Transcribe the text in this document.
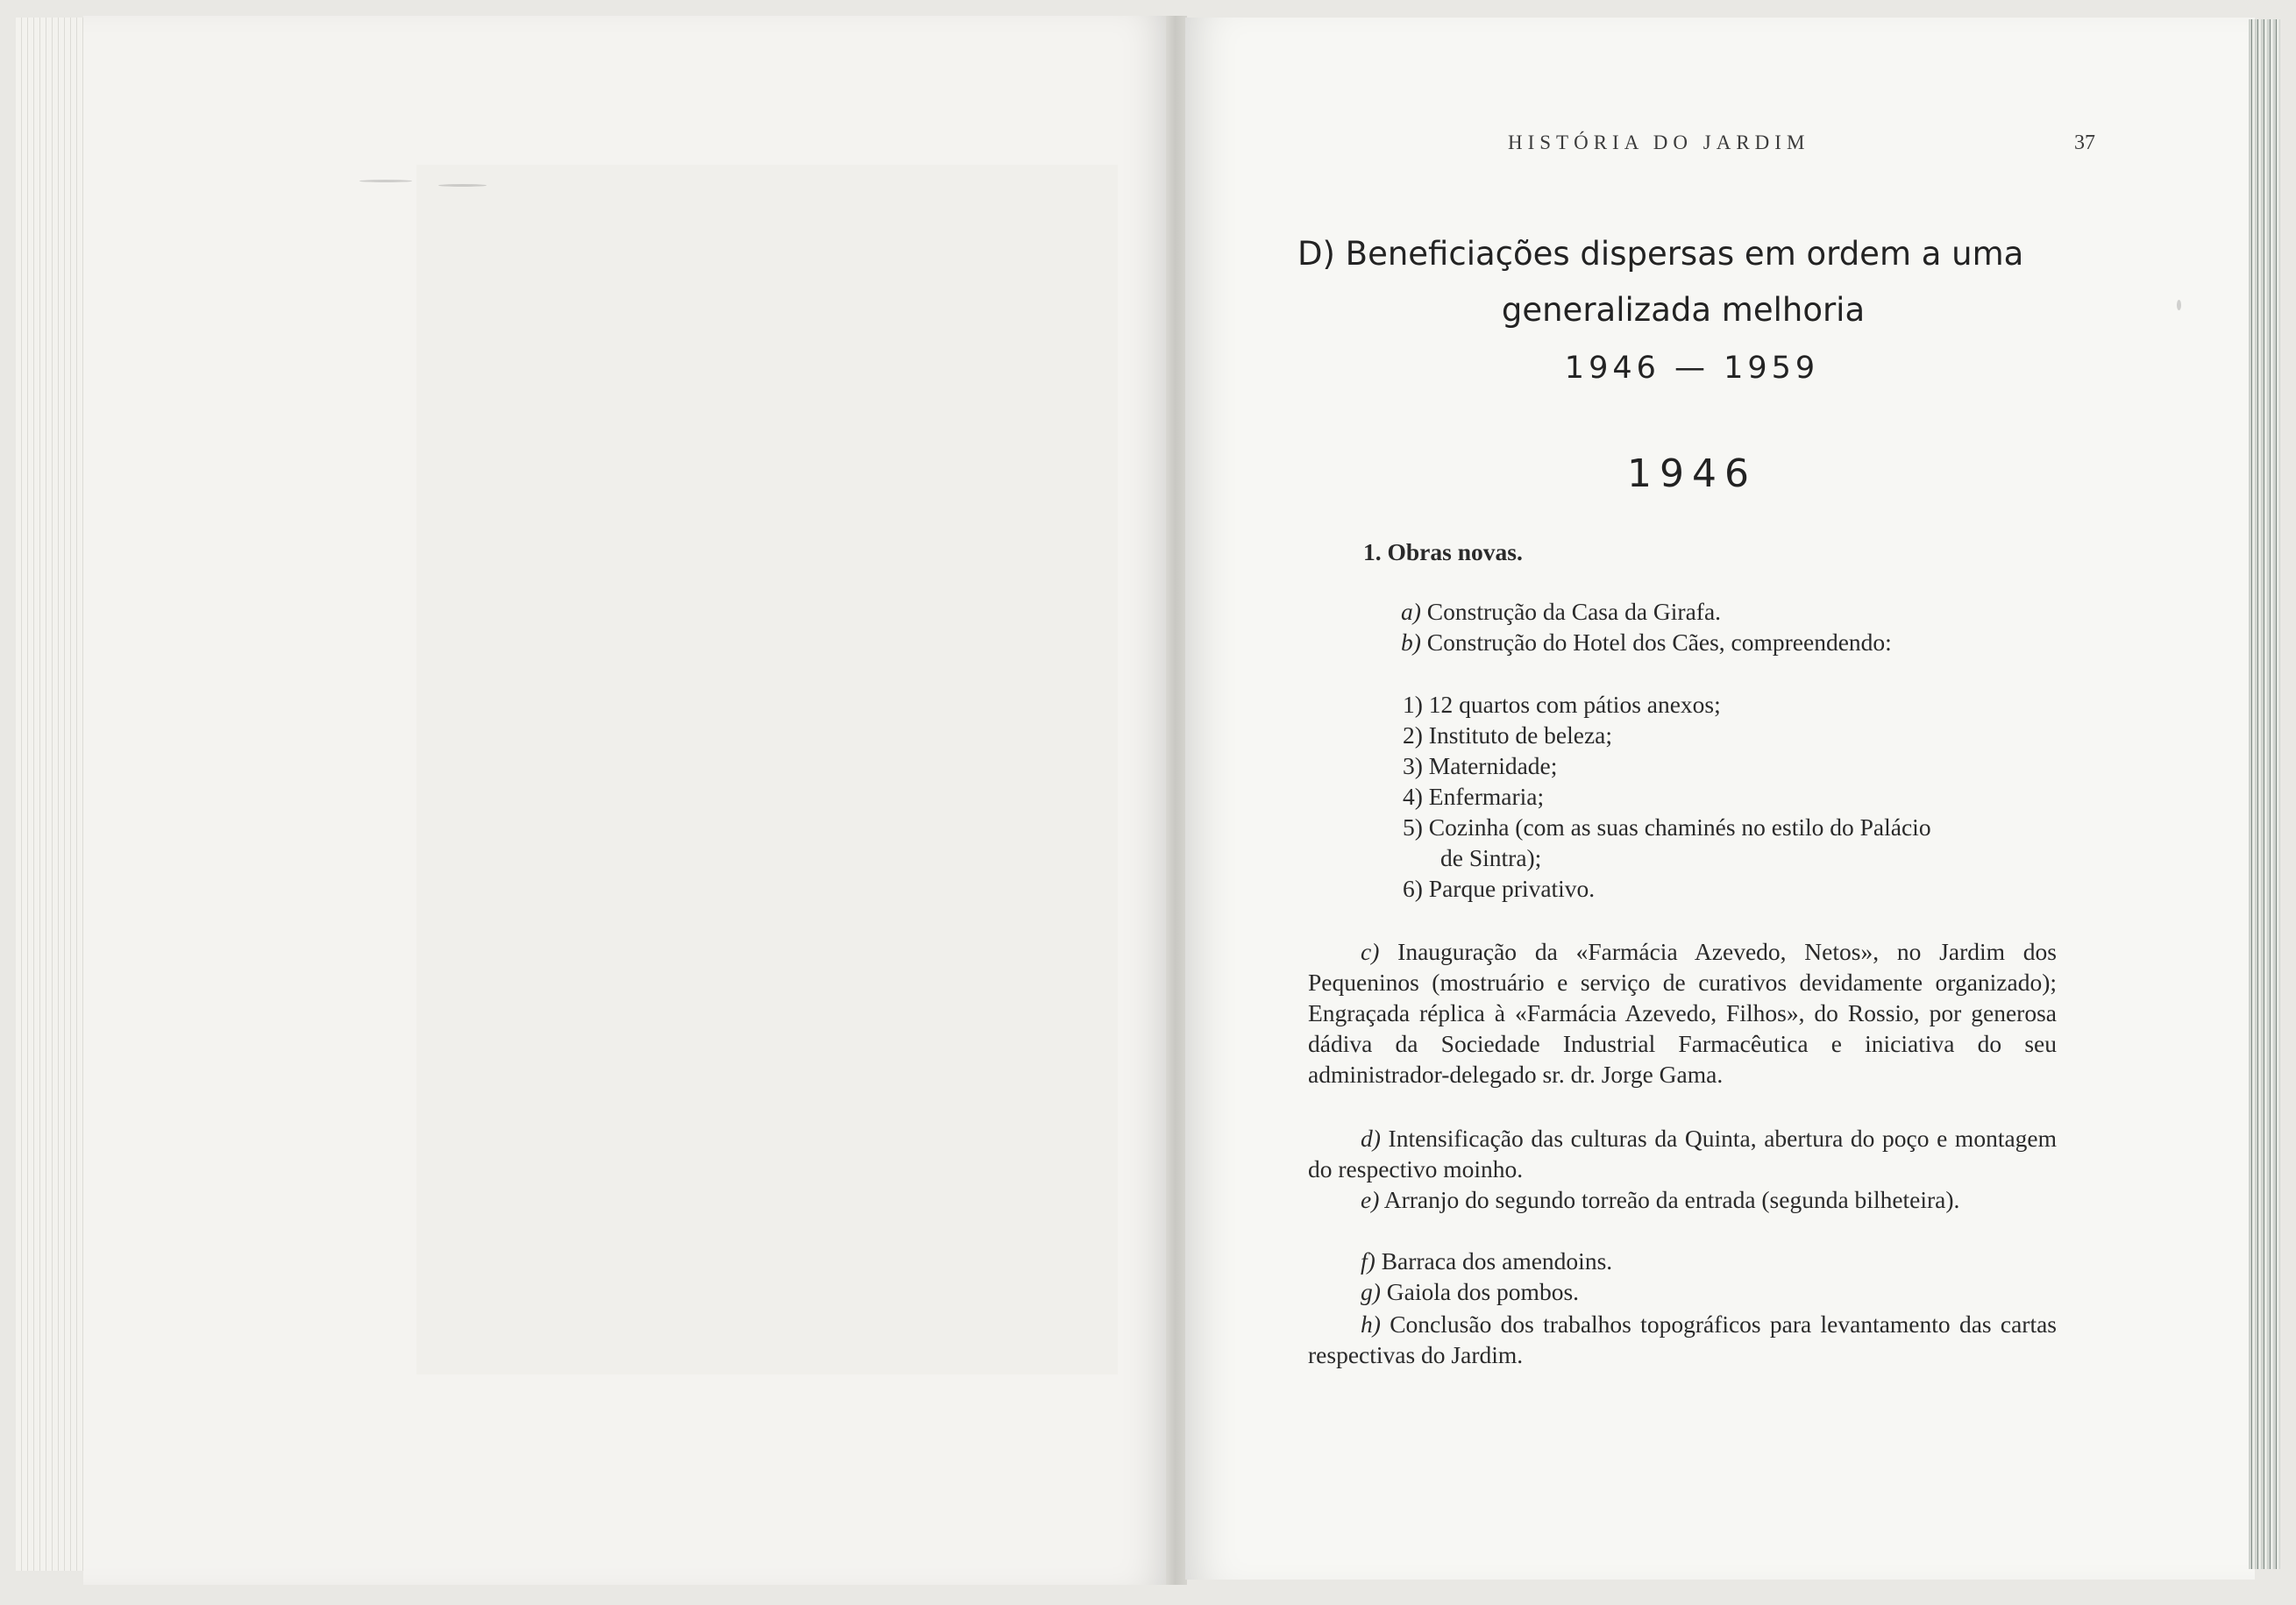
HISTÓRIA DO JARDIM	37
D) Beneficiações dispersas em ordem a uma
generalizada melhoria
1946 — 1959
1946
1. Obras novas.
a) Construção da Casa da Girafa.
b) Construção do Hotel dos Cães, compreendendo:
1) 12 quartos com pátios anexos;
2) Instituto de beleza;
3) Maternidade;
4) Enfermaria;
5) Cozinha (com as suas chaminés no estilo do Palácio
de Sintra);
6) Parque privativo.
c) Inauguração da «Farmácia Azevedo, Netos», no Jardim dos Pequeninos (mostruário e serviço de curativos devidamente organizado); Engraçada réplica à «Farmácia Azevedo, Filhos», do Rossio, por generosa dádiva da Sociedade Industrial Farmacêutica e iniciativa do seu administrador-delegado sr. dr. Jorge Gama.
d) Intensificação das culturas da Quinta, abertura do poço e montagem do respectivo moinho.
e) Arranjo do segundo torreão da entrada (segunda bilheteira).
f) Barraca dos amendoins.
g) Gaiola dos pombos.
h) Conclusão dos trabalhos topográficos para levantamento das cartas respectivas do Jardim.
